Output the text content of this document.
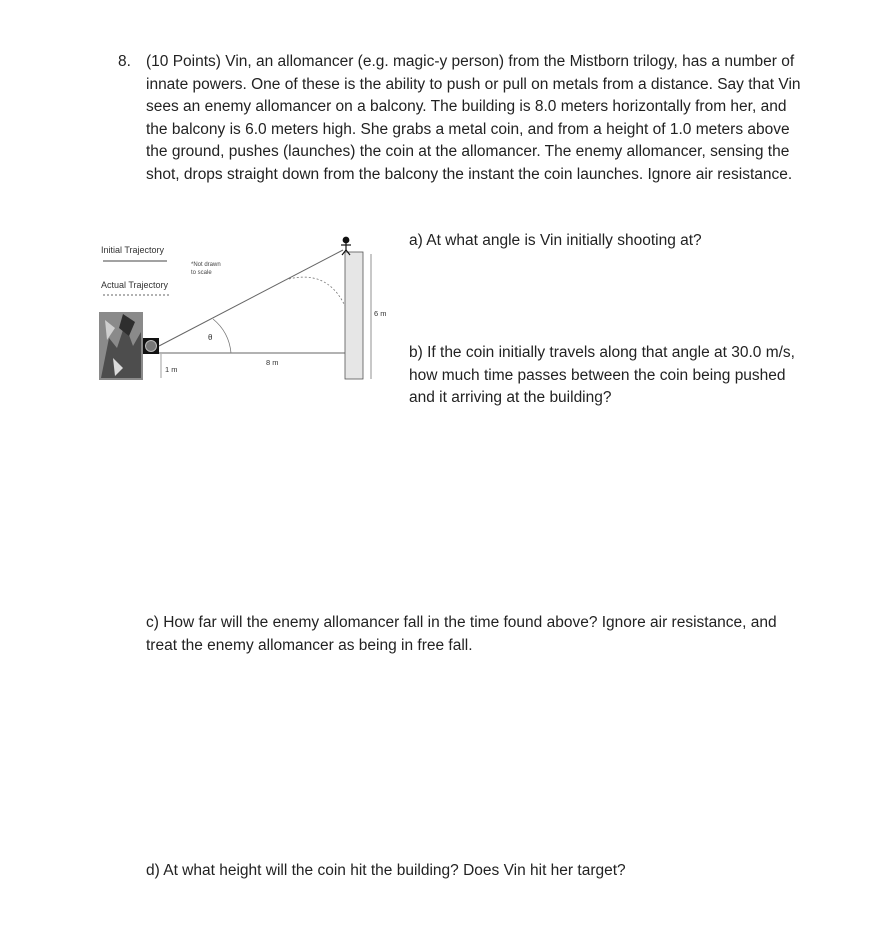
8. (10 Points) Vin, an allomancer (e.g. magic-y person) from the Mistborn trilogy, has a number of innate powers. One of these is the ability to push or pull on metals from a distance. Say that Vin sees an enemy allomancer on a balcony. The building is 8.0 meters horizontally from her, and the balcony is 6.0 meters high. She grabs a metal coin, and from a height of 1.0 meters above the ground, pushes (launches) the coin at the allomancer. The enemy allomancer, sensing the shot, drops straight down from the balcony the instant the coin launches. Ignore air resistance.

Initial Trajectory
Actual Trajectory
*Not drawn
to scale
1 m
8 m
θ
6 m
a) At what angle is Vin initially shooting at?
b) If the coin initially travels along that angle at 30.0 m/s, how much time passes between the coin being pushed and it arriving at the building?
c) How far will the enemy allomancer fall in the time found above? Ignore air resistance, and treat the enemy allomancer as being in free fall.
d) At what height will the coin hit the building? Does Vin hit her target?
